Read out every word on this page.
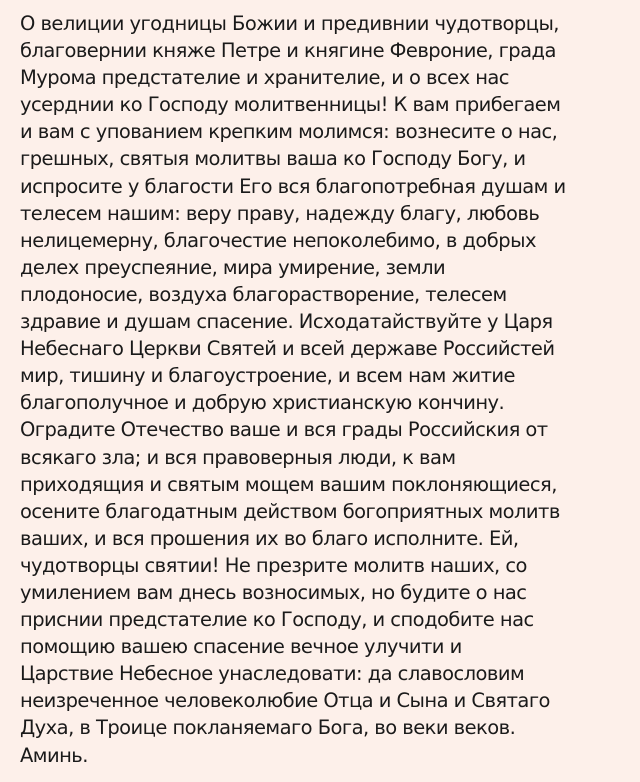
О велиции угодницы Божии и предивнии чудотворцы,
благовернии княже Петре и княгине Февроние, града
Мурома предстателие и хранителие, и о всех нас
усерднии ко Господу молитвенницы! К вам прибегаем
и вам с упованием крепким молимся: вознесите о нас,
грешных, святыя молитвы ваша ко Господу Богу, и
испросите у благости Его вся благопотребная душам и
телесем нашим: веру праву, надежду благу, любовь
нелицемерну, благочестие непоколебимо, в добрых
делех преуспеяние, мира умирение, земли
плодоносие, воздуха благорастворение, телесем
здравие и душам спасение. Исходатайствуйте у Царя
Небеснаго Церкви Святей и всей державе Российстей
мир, тишину и благоустроение, и всем нам житие
благополучное и добрую христианскую кончину.
Оградите Отечество ваше и вся грады Российския от
всякаго зла; и вся правоверныя люди, к вам
приходящия и святым мощем вашим поклоняющиеся,
осените благодатным действом богоприятных молитв
ваших, и вся прошения их во благо исполните. Ей,
чудотворцы святии! Не презрите молитв наших, со
умилением вам днесь возносимых, но будите о нас
приснии предстателие ко Господу, и сподобите нас
помощию вашею спасение вечное улучити и
Царствие Небесное унаследовати: да славословим
неизреченное человеколюбие Отца и Сына и Святаго
Духа, в Троице покланяемаго Бога, во веки веков.
Аминь.
